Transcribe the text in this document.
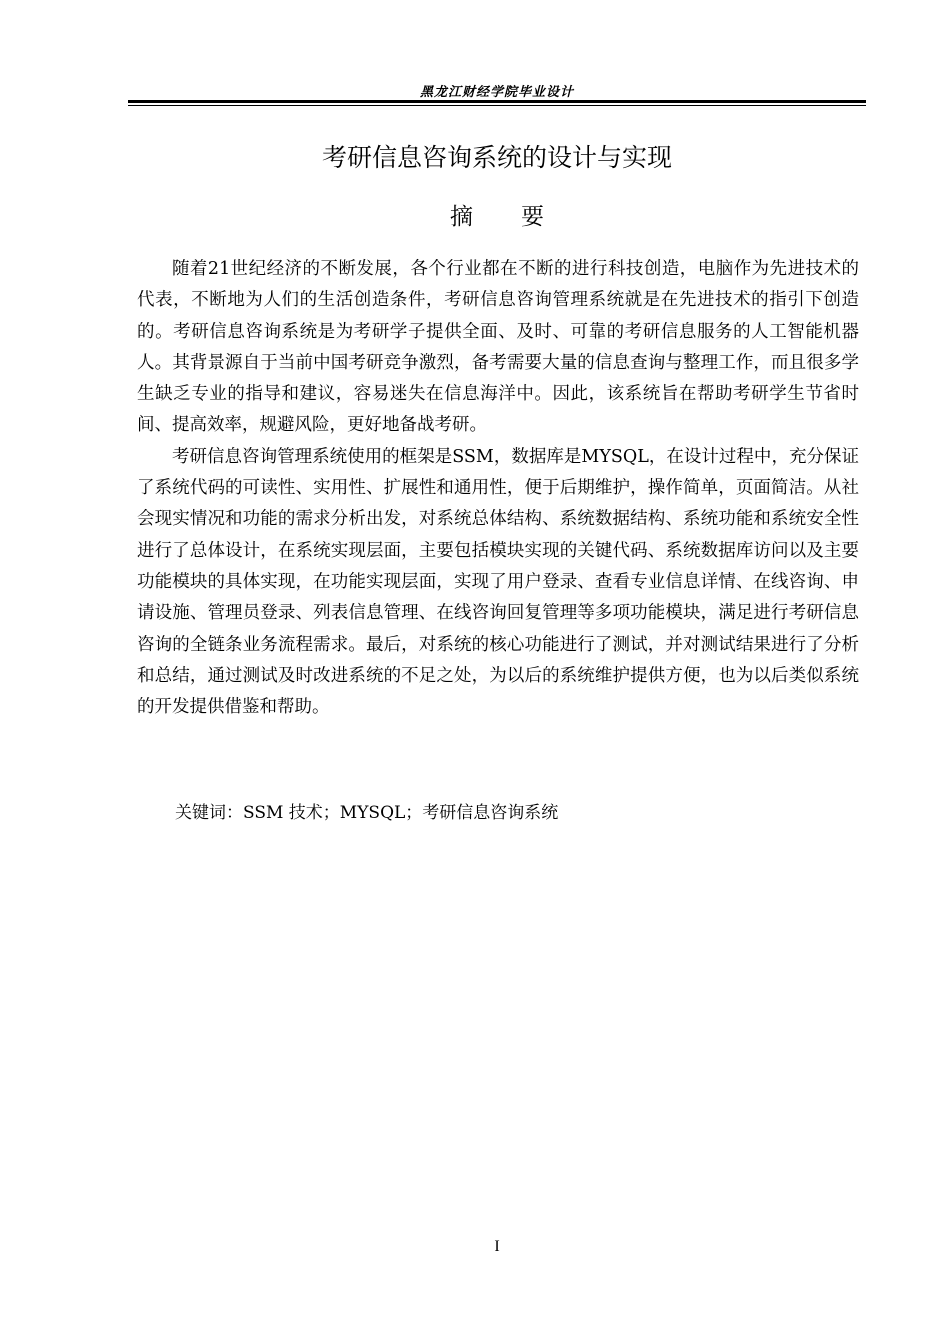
黑龙江财经学院毕业设计
考研信息咨询系统的设计与实现
摘要

随着21世纪经济的不断发展，各个行业都在不断的进行科技创造，电脑作为先进技术的代表，不断地为人们的生活创造条件，考研信息咨询管理系统就是在先进技术的指引下创造的。考研信息咨询系统是为考研学子提供全面、及时、可靠的考研信息服务的人工智能机器人。其背景源自于当前中国考研竞争激烈，备考需要大量的信息查询与整理工作，而且很多学生缺乏专业的指导和建议，容易迷失在信息海洋中。因此，该系统旨在帮助考研学生节省时间、提高效率，规避风险，更好地备战考研。

考研信息咨询管理系统使用的框架是SSM，数据库是MYSQL，在设计过程中，充分保证了系统代码的可读性、实用性、扩展性和通用性，便于后期维护，操作简单，页面简洁。从社会现实情况和功能的需求分析出发，对系统总体结构、系统数据结构、系统功能和系统安全性进行了总体设计，在系统实现层面，主要包括模块实现的关键代码、系统数据库访问以及主要功能模块的具体实现，在功能实现层面，实现了用户登录、查看专业信息详情、在线咨询、申请设施、管理员登录、列表信息管理、在线咨询回复管理等多项功能模块，满足进行考研信息咨询的全链条业务流程需求。最后，对系统的核心功能进行了测试，并对测试结果进行了分析和总结，通过测试及时改进系统的不足之处，为以后的系统维护提供方便，也为以后类似系统的开发提供借鉴和帮助。

关键词：SSM 技术；MYSQL；考研信息咨询系统
I
